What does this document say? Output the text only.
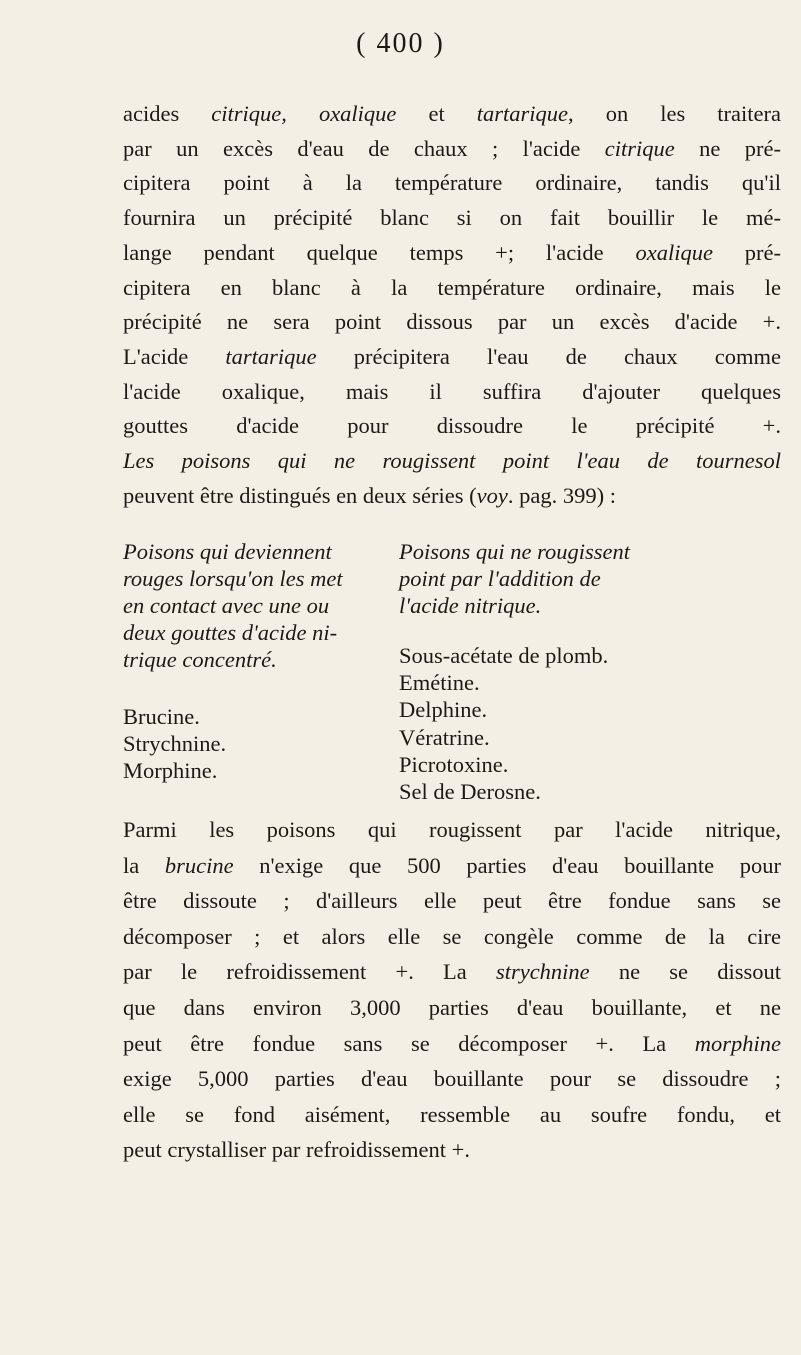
( 400 )
acides citrique, oxalique et tartarique, on les traitera
par un excès d'eau de chaux ; l'acide citrique ne pré-
cipitera point à la température ordinaire, tandis qu'il
fournira un précipité blanc si on fait bouillir le mé-
lange pendant quelque temps +; l'acide oxalique pré-
cipitera en blanc à la température ordinaire, mais le
précipité ne sera point dissous par un excès d'acide +.
L'acide tartarique précipitera l'eau de chaux comme
l'acide oxalique, mais il suffira d'ajouter quelques
gouttes d'acide pour dissoudre le précipité +.
Les poisons qui ne rougissent point l'eau de tournesol
peuvent être distingués en deux séries (voy. pag. 399) :
Poisons qui deviennent
rouges lorsqu'on les met
en contact avec une ou
deux gouttes d'acide ni-
trique concentré.
Brucine.
Strychnine.
Morphine.
Poisons qui ne rougissent
point par l'addition de
l'acide nitrique.
Sous-acétate de plomb.
Emétine.
Delphine.
Vératrine.
Picrotoxine.
Sel de Derosne.
Parmi les poisons qui rougissent par l'acide nitrique,
la brucine n'exige que 500 parties d'eau bouillante pour
être dissoute ; d'ailleurs elle peut être fondue sans se
décomposer ; et alors elle se congèle comme de la cire
par le refroidissement +. La strychnine ne se dissout
que dans environ 3,000 parties d'eau bouillante, et ne
peut être fondue sans se décomposer +. La morphine
exige 5,000 parties d'eau bouillante pour se dissoudre ;
elle se fond aisément, ressemble au soufre fondu, et
peut crystalliser par refroidissement +.
